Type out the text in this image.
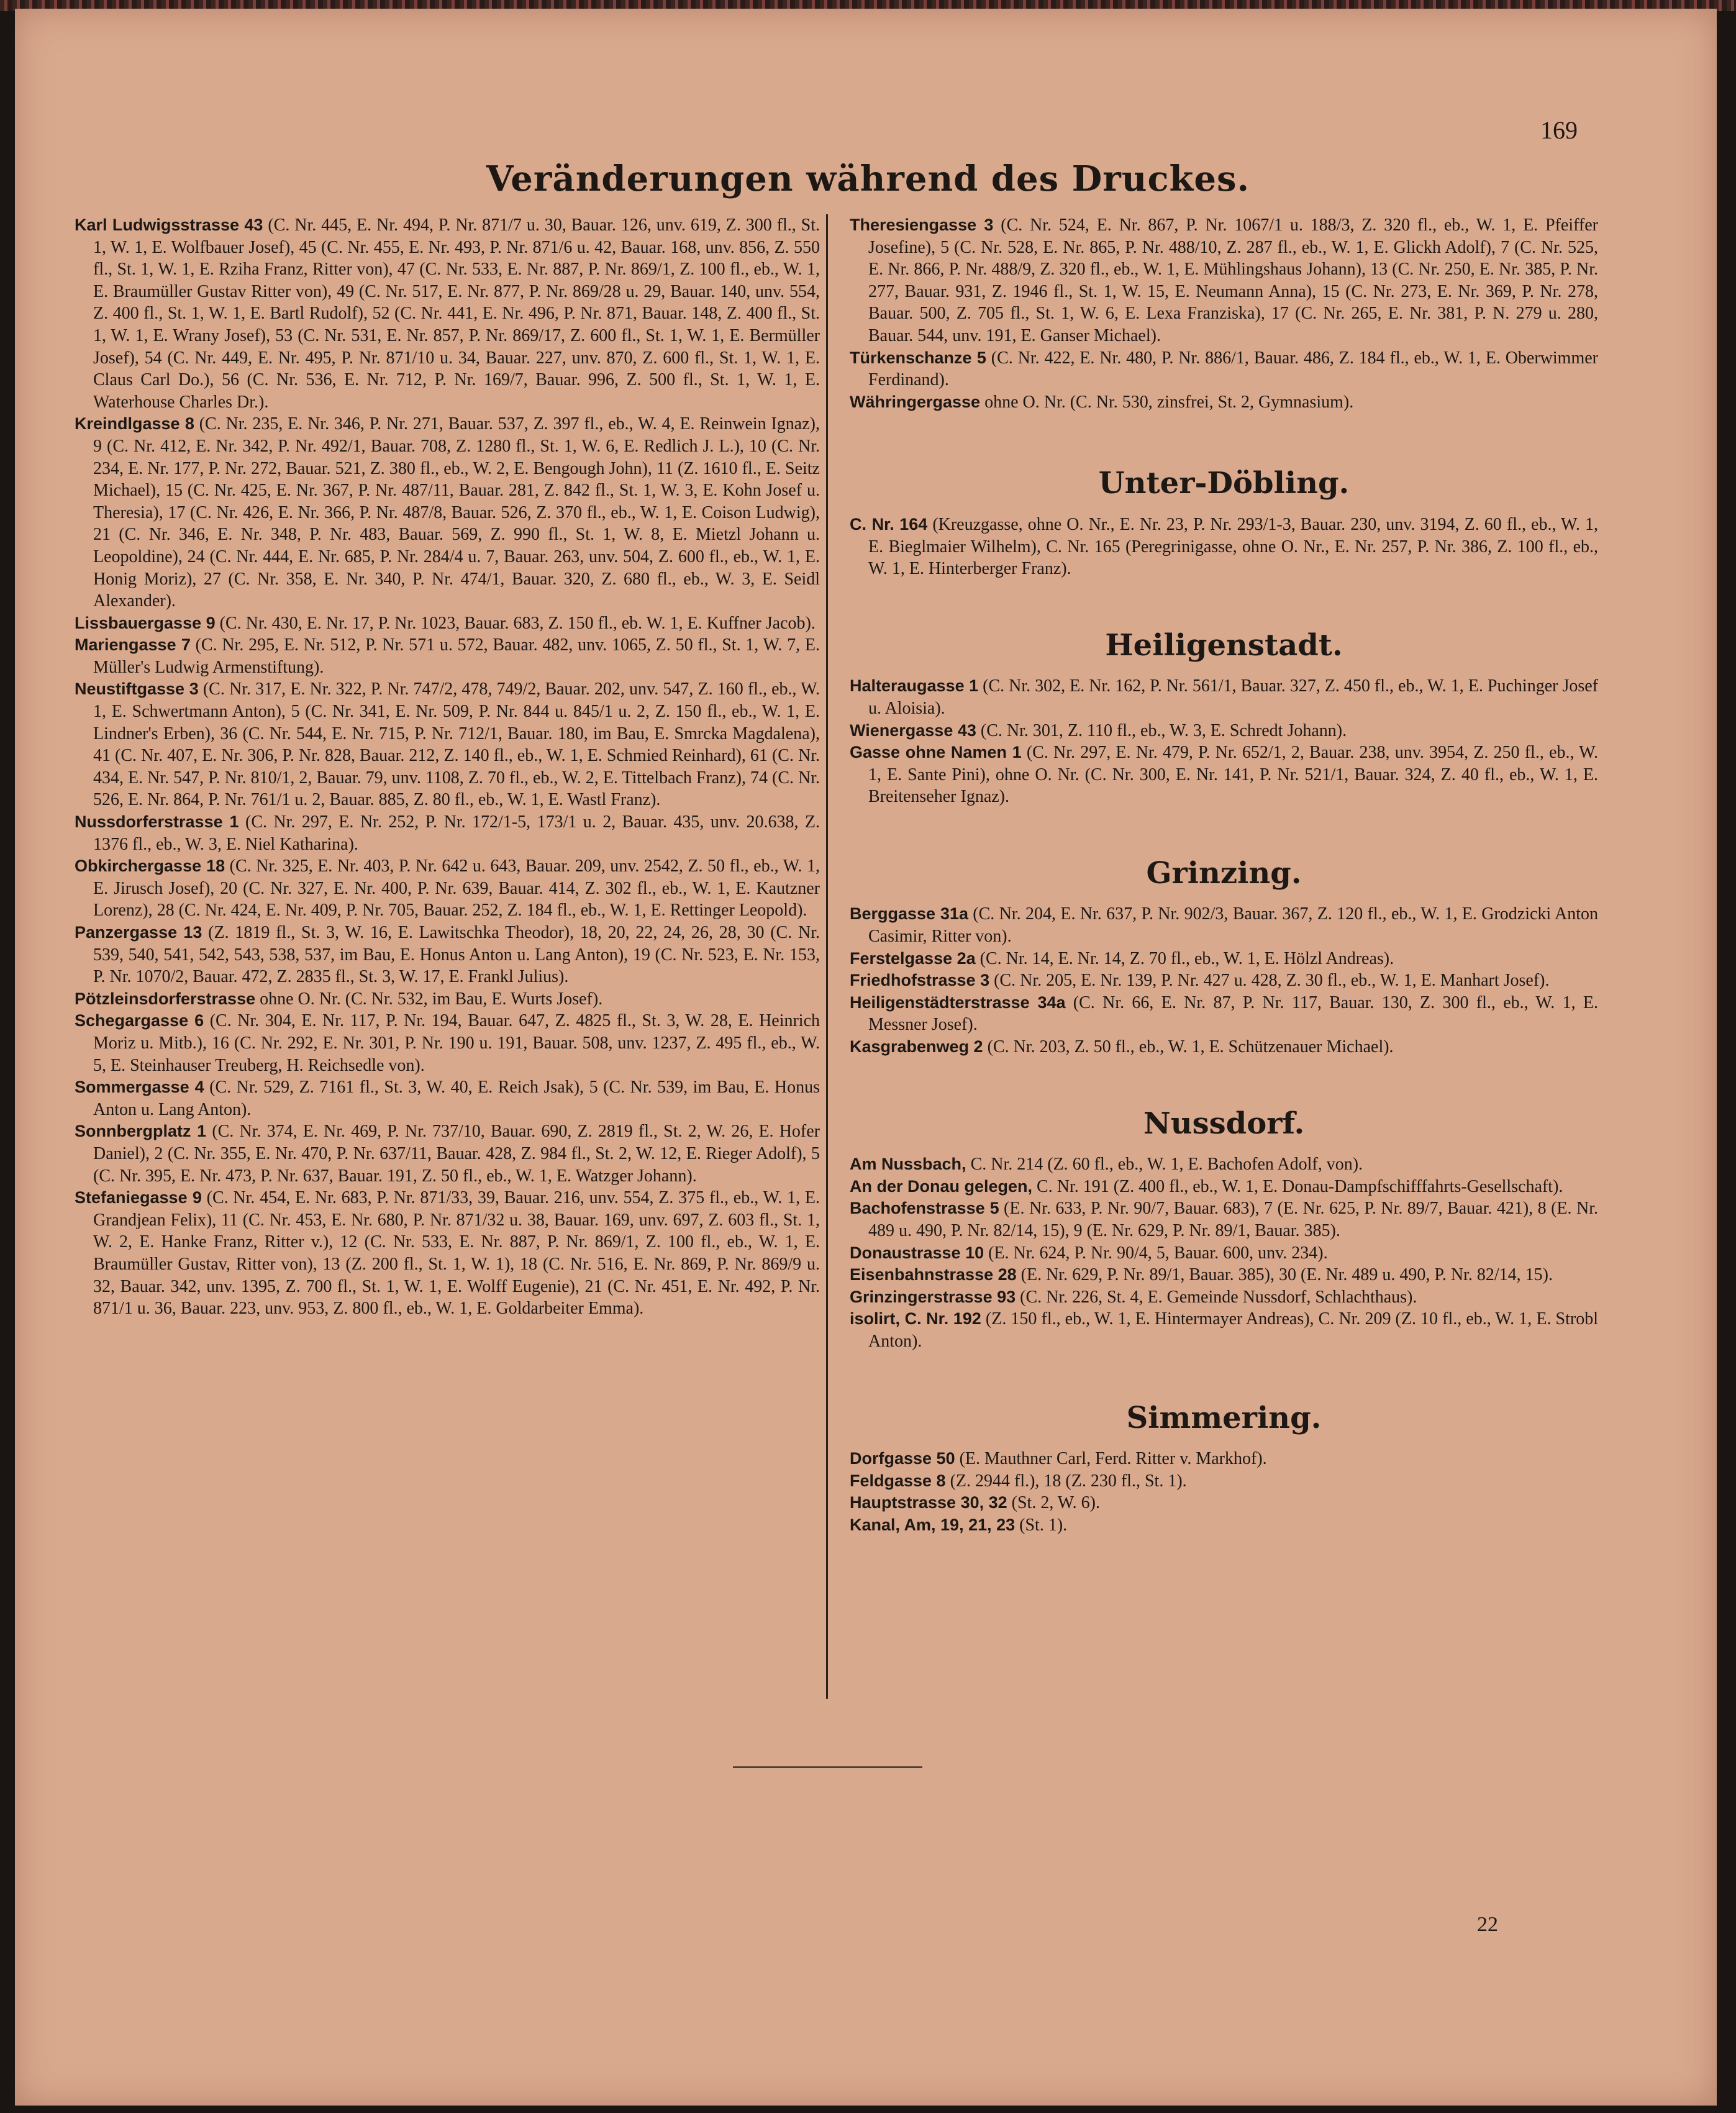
169
Veränderungen während des Druckes.

Karl Ludwigsstrasse 43 (C. Nr. 445, E. Nr. 494, P. Nr. 871/7 u. 30, Bauar. 126, unv. 619, Z. 300 fl., St. 1, W. 1, E. Wolfbauer Josef), 45 (C. Nr. 455, E. Nr. 493, P. Nr. 871/6 u. 42, Bauar. 168, unv. 856, Z. 550 fl., St. 1, W. 1, E. Rziha Franz, Ritter von), 47 (C. Nr. 533, E. Nr. 887, P. Nr. 869/1, Z. 100 fl., eb., W. 1, E. Braumüller Gustav Ritter von), 49 (C. Nr. 517, E. Nr. 877, P. Nr. 869/28 u. 29, Bauar. 140, unv. 554, Z. 400 fl., St. 1, W. 1, E. Bartl Rudolf), 52 (C. Nr. 441, E. Nr. 496, P. Nr. 871, Bauar. 148, Z. 400 fl., St. 1, W. 1, E. Wrany Josef), 53 (C. Nr. 531, E. Nr. 857, P. Nr. 869/17, Z. 600 fl., St. 1, W. 1, E. Bermüller Josef), 54 (C. Nr. 449, E. Nr. 495, P. Nr. 871/10 u. 34, Bauar. 227, unv. 870, Z. 600 fl., St. 1, W. 1, E. Claus Carl Do.), 56 (C. Nr. 536, E. Nr. 712, P. Nr. 169/7, Bauar. 996, Z. 500 fl., St. 1, W. 1, E. Waterhouse Charles Dr.).

Kreindlgasse 8 (C. Nr. 235, E. Nr. 346, P. Nr. 271, Bauar. 537, Z. 397 fl., eb., W. 4, E. Reinwein Ignaz), 9 (C. Nr. 412, E. Nr. 342, P. Nr. 492/1, Bauar. 708, Z. 1280 fl., St. 1, W. 6, E. Redlich J. L.), 10 (C. Nr. 234, E. Nr. 177, P. Nr. 272, Bauar. 521, Z. 380 fl., eb., W. 2, E. Bengough John), 11 (Z. 1610 fl., E. Seitz Michael), 15 (C. Nr. 425, E. Nr. 367, P. Nr. 487/11, Bauar. 281, Z. 842 fl., St. 1, W. 3, E. Kohn Josef u. Theresia), 17 (C. Nr. 426, E. Nr. 366, P. Nr. 487/8, Bauar. 526, Z. 370 fl., eb., W. 1, E. Coison Ludwig), 21 (C. Nr. 346, E. Nr. 348, P. Nr. 483, Bauar. 569, Z. 990 fl., St. 1, W. 8, E. Mietzl Johann u. Leopoldine), 24 (C. Nr. 444, E. Nr. 685, P. Nr. 284/4 u. 7, Bauar. 263, unv. 504, Z. 600 fl., eb., W. 1, E. Honig Moriz), 27 (C. Nr. 358, E. Nr. 340, P. Nr. 474/1, Bauar. 320, Z. 680 fl., eb., W. 3, E. Seidl Alexander).

Lissbauergasse 9 (C. Nr. 430, E. Nr. 17, P. Nr. 1023, Bauar. 683, Z. 150 fl., eb. W. 1, E. Kuffner Jacob).

Mariengasse 7 (C. Nr. 295, E. Nr. 512, P. Nr. 571 u. 572, Bauar. 482, unv. 1065, Z. 50 fl., St. 1, W. 7, E. Müller's Ludwig Armenstiftung).

Neustiftgasse 3 (C. Nr. 317, E. Nr. 322, P. Nr. 747/2, 478, 749/2, Bauar. 202, unv. 547, Z. 160 fl., eb., W. 1, E. Schwertmann Anton), 5 (C. Nr. 341, E. Nr. 509, P. Nr. 844 u. 845/1 u. 2, Z. 150 fl., eb., W. 1, E. Lindner's Erben), 36 (C. Nr. 544, E. Nr. 715, P. Nr. 712/1, Bauar. 180, im Bau, E. Smrcka Magdalena), 41 (C. Nr. 407, E. Nr. 306, P. Nr. 828, Bauar. 212, Z. 140 fl., eb., W. 1, E. Schmied Reinhard), 61 (C. Nr. 434, E. Nr. 547, P. Nr. 810/1, 2, Bauar. 79, unv. 1108, Z. 70 fl., eb., W. 2, E. Tittelbach Franz), 74 (C. Nr. 526, E. Nr. 864, P. Nr. 761/1 u. 2, Bauar. 885, Z. 80 fl., eb., W. 1, E. Wastl Franz).

Nussdorferstrasse 1 (C. Nr. 297, E. Nr. 252, P. Nr. 172/1-5, 173/1 u. 2, Bauar. 435, unv. 20.638, Z. 1376 fl., eb., W. 3, E. Niel Katharina).

Obkirchergasse 18 (C. Nr. 325, E. Nr. 403, P. Nr. 642 u. 643, Bauar. 209, unv. 2542, Z. 50 fl., eb., W. 1, E. Jirusch Josef), 20 (C. Nr. 327, E. Nr. 400, P. Nr. 639, Bauar. 414, Z. 302 fl., eb., W. 1, E. Kautzner Lorenz), 28 (C. Nr. 424, E. Nr. 409, P. Nr. 705, Bauar. 252, Z. 184 fl., eb., W. 1, E. Rettinger Leopold).

Panzergasse 13 (Z. 1819 fl., St. 3, W. 16, E. Lawitschka Theodor), 18, 20, 22, 24, 26, 28, 30 (C. Nr. 539, 540, 541, 542, 543, 538, 537, im Bau, E. Honus Anton u. Lang Anton), 19 (C. Nr. 523, E. Nr. 153, P. Nr. 1070/2, Bauar. 472, Z. 2835 fl., St. 3, W. 17, E. Frankl Julius).

Pötzleinsdorferstrasse ohne O. Nr. (C. Nr. 532, im Bau, E. Wurts Josef).

Schegargasse 6 (C. Nr. 304, E. Nr. 117, P. Nr. 194, Bauar. 647, Z. 4825 fl., St. 3, W. 28, E. Heinrich Moriz u. Mitb.), 16 (C. Nr. 292, E. Nr. 301, P. Nr. 190 u. 191, Bauar. 508, unv. 1237, Z. 495 fl., eb., W. 5, E. Steinhauser Treuberg, H. Reichsedle von).

Sommergasse 4 (C. Nr. 529, Z. 7161 fl., St. 3, W. 40, E. Reich Jsak), 5 (C. Nr. 539, im Bau, E. Honus Anton u. Lang Anton).

Sonnbergplatz 1 (C. Nr. 374, E. Nr. 469, P. Nr. 737/10, Bauar. 690, Z. 2819 fl., St. 2, W. 26, E. Hofer Daniel), 2 (C. Nr. 355, E. Nr. 470, P. Nr. 637/11, Bauar. 428, Z. 984 fl., St. 2, W. 12, E. Rieger Adolf), 5 (C. Nr. 395, E. Nr. 473, P. Nr. 637, Bauar. 191, Z. 50 fl., eb., W. 1, E. Watzger Johann).

Stefaniegasse 9 (C. Nr. 454, E. Nr. 683, P. Nr. 871/33, 39, Bauar. 216, unv. 554, Z. 375 fl., eb., W. 1, E. Grandjean Felix), 11 (C. Nr. 453, E. Nr. 680, P. Nr. 871/32 u. 38, Bauar. 169, unv. 697, Z. 603 fl., St. 1, W. 2, E. Hanke Franz, Ritter v.), 12 (C. Nr. 533, E. Nr. 887, P. Nr. 869/1, Z. 100 fl., eb., W. 1, E. Braumüller Gustav, Ritter von), 13 (Z. 200 fl., St. 1, W. 1), 18 (C. Nr. 516, E. Nr. 869, P. Nr. 869/9 u. 32, Bauar. 342, unv. 1395, Z. 700 fl., St. 1, W. 1, E. Wolff Eugenie), 21 (C. Nr. 451, E. Nr. 492, P. Nr. 871/1 u. 36, Bauar. 223, unv. 953, Z. 800 fl., eb., W. 1, E. Goldarbeiter Emma).

Theresiengasse 3 (C. Nr. 524, E. Nr. 867, P. Nr. 1067/1 u. 188/3, Z. 320 fl., eb., W. 1, E. Pfeiffer Josefine), 5 (C. Nr. 528, E. Nr. 865, P. Nr. 488/10, Z. 287 fl., eb., W. 1, E. Glickh Adolf), 7 (C. Nr. 525, E. Nr. 866, P. Nr. 488/9, Z. 320 fl., eb., W. 1, E. Mühlingshaus Johann), 13 (C. Nr. 250, E. Nr. 385, P. Nr. 277, Bauar. 931, Z. 1946 fl., St. 1, W. 15, E. Neumann Anna), 15 (C. Nr. 273, E. Nr. 369, P. Nr. 278, Bauar. 500, Z. 705 fl., St. 1, W. 6, E. Lexa Franziska), 17 (C. Nr. 265, E. Nr. 381, P. N. 279 u. 280, Bauar. 544, unv. 191, E. Ganser Michael).

Türkenschanze 5 (C. Nr. 422, E. Nr. 480, P. Nr. 886/1, Bauar. 486, Z. 184 fl., eb., W. 1, E. Oberwimmer Ferdinand).

Währingergasse ohne O. Nr. (C. Nr. 530, zinsfrei, St. 2, Gymnasium).

Unter-Döbling.

C. Nr. 164 (Kreuzgasse, ohne O. Nr., E. Nr. 23, P. Nr. 293/1-3, Bauar. 230, unv. 3194, Z. 60 fl., eb., W. 1, E. Bieglmaier Wilhelm), C. Nr. 165 (Peregrinigasse, ohne O. Nr., E. Nr. 257, P. Nr. 386, Z. 100 fl., eb., W. 1, E. Hinterberger Franz).

Heiligenstadt.

Halteraugasse 1 (C. Nr. 302, E. Nr. 162, P. Nr. 561/1, Bauar. 327, Z. 450 fl., eb., W. 1, E. Puchinger Josef u. Aloisia).

Wienergasse 43 (C. Nr. 301, Z. 110 fl., eb., W. 3, E. Schredt Johann).

Gasse ohne Namen 1 (C. Nr. 297, E. Nr. 479, P. Nr. 652/1, 2, Bauar. 238, unv. 3954, Z. 250 fl., eb., W. 1, E. Sante Pini), ohne O. Nr. (C. Nr. 300, E. Nr. 141, P. Nr. 521/1, Bauar. 324, Z. 40 fl., eb., W. 1, E. Breitenseher Ignaz).

Grinzing.

Berggasse 31a (C. Nr. 204, E. Nr. 637, P. Nr. 902/3, Bauar. 367, Z. 120 fl., eb., W. 1, E. Grodzicki Anton Casimir, Ritter von).

Ferstelgasse 2a (C. Nr. 14, E. Nr. 14, Z. 70 fl., eb., W. 1, E. Hölzl Andreas).

Friedhofstrasse 3 (C. Nr. 205, E. Nr. 139, P. Nr. 427 u. 428, Z. 30 fl., eb., W. 1, E. Manhart Josef).

Heiligenstädterstrasse 34a (C. Nr. 66, E. Nr. 87, P. Nr. 117, Bauar. 130, Z. 300 fl., eb., W. 1, E. Messner Josef).

Kasgrabenweg 2 (C. Nr. 203, Z. 50 fl., eb., W. 1, E. Schützenauer Michael).

Nussdorf.

Am Nussbach, C. Nr. 214 (Z. 60 fl., eb., W. 1, E. Bachofen Adolf, von).

An der Donau gelegen, C. Nr. 191 (Z. 400 fl., eb., W. 1, E. Donau-Dampfschifffahrts-Gesellschaft).

Bachofenstrasse 5 (E. Nr. 633, P. Nr. 90/7, Bauar. 683), 7 (E. Nr. 625, P. Nr. 89/7, Bauar. 421), 8 (E. Nr. 489 u. 490, P. Nr. 82/14, 15), 9 (E. Nr. 629, P. Nr. 89/1, Bauar. 385).

Donaustrasse 10 (E. Nr. 624, P. Nr. 90/4, 5, Bauar. 600, unv. 234).

Eisenbahnstrasse 28 (E. Nr. 629, P. Nr. 89/1, Bauar. 385), 30 (E. Nr. 489 u. 490, P. Nr. 82/14, 15).

Grinzingerstrasse 93 (C. Nr. 226, St. 4, E. Gemeinde Nussdorf, Schlachthaus).

isolirt, C. Nr. 192 (Z. 150 fl., eb., W. 1, E. Hintermayer Andreas), C. Nr. 209 (Z. 10 fl., eb., W. 1, E. Strobl Anton).

Simmering.

Dorfgasse 50 (E. Mauthner Carl, Ferd. Ritter v. Markhof).

Feldgasse 8 (Z. 2944 fl.), 18 (Z. 230 fl., St. 1).

Hauptstrasse 30, 32 (St. 2, W. 6).

Kanal, Am, 19, 21, 23 (St. 1).

22
